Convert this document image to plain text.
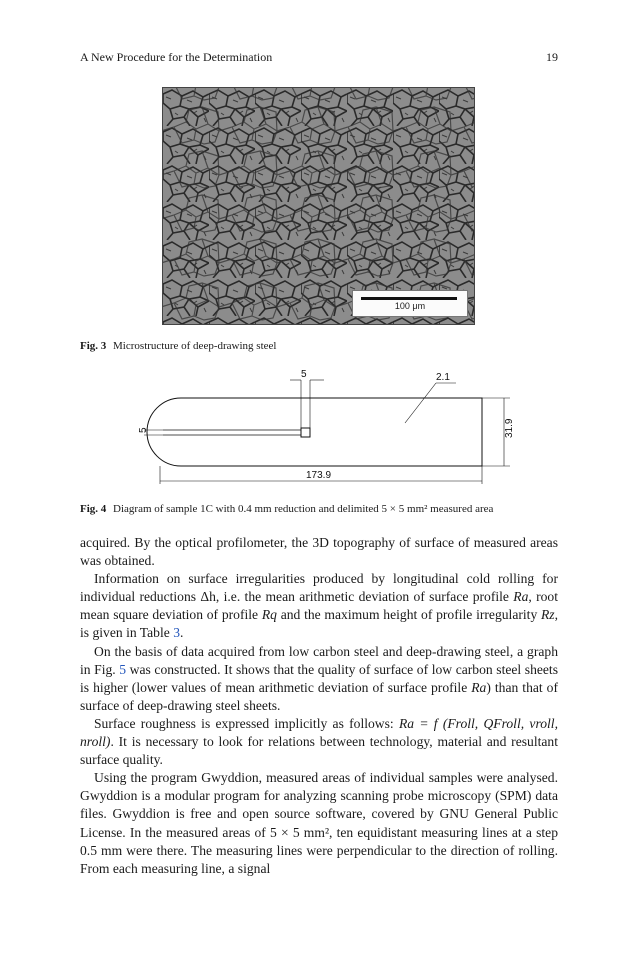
A New Procedure for the Determination	19
100 μm
Fig. 3 Microstructure of deep-drawing steel
5
5
2.1
31.9
173.9
Fig. 4 Diagram of sample 1C with 0.4 mm reduction and delimited 5 × 5 mm² measured area

acquired. By the optical profilometer, the 3D topography of surface of measured areas was obtained.

Information on surface irregularities produced by longitudinal cold rolling for individual reductions Δh, i.e. the mean arithmetic deviation of surface profile Ra, root mean square deviation of profile Rq and the maximum height of profile irregularity Rz, is given in Table 3.

On the basis of data acquired from low carbon steel and deep-drawing steel, a graph in Fig. 5 was constructed. It shows that the quality of surface of low carbon steel sheets is higher (lower values of mean arithmetic deviation of surface profile Ra) than that of surface of deep-drawing steel sheets.

Surface roughness is expressed implicitly as follows: Ra = f (Froll, QFroll, vroll, nroll). It is necessary to look for relations between technology, material and resultant surface quality.

Using the program Gwyddion, measured areas of individual samples were analysed. Gwyddion is a modular program for analyzing scanning probe microscopy (SPM) data files. Gwyddion is free and open source software, covered by GNU General Public License. In the measured areas of 5 × 5 mm², ten equidistant measuring lines at a step 0.5 mm were there. The measuring lines were perpendicular to the direction of rolling. From each measuring line, a signal
